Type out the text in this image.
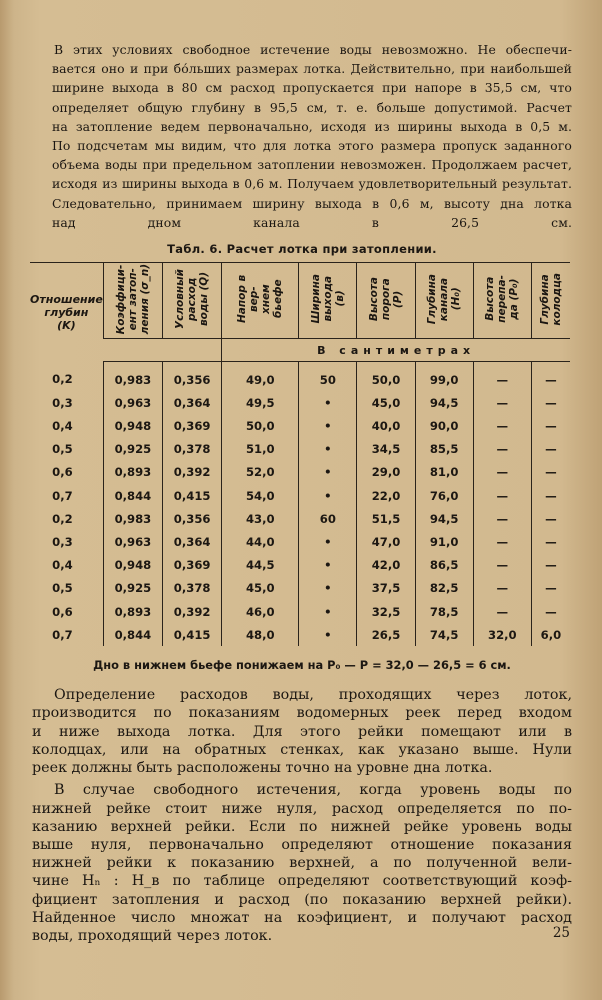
В этих условиях свободное истечение воды невозможно. Не обеспечи-
вается оно и при бо́льших размерах лотка. Действительно, при наибольшей
ширине выхода в 80 см расход пропускается при напоре в 35,5 см, что
определяет общую глубину в 95,5 см, т. е. больше допустимой. Расчет
на затопление ведем первоначально, исходя из ширины выхода в 0,5 м.
По подсчетам мы видим, что для лотка этого размера пропуск заданного
объема воды при предельном затоплении невозможен. Продолжаем расчет,
исходя из ширины выхода в 0,6 м. Получаем удовлетворительный результат.
Следовательно, принимаем ширину выхода в 0,6 м, высоту дна лотка
над дном канала в 26,5 см.
Табл. 6. Расчет лотка при затоплении.
Отношение
глубин
(K)	Коэффици-
ент затоп-
ления (σ_n)	Условный
расход
воды (Q)	Напор в вер-
хнем
бьефе	Ширина
выхода
(в)	Высота
порога
(P)	Глубина
канала
(H₀)	Высота
перепа-
да (P₀)	Глубина
колодца
			В сантиметрах					
0,2	0,983	0,356	49,0	50	50,0	99,0	—	—
0,3	0,963	0,364	49,5	•	45,0	94,5	—	—
0,4	0,948	0,369	50,0	•	40,0	90,0	—	—
0,5	0,925	0,378	51,0	•	34,5	85,5	—	—
0,6	0,893	0,392	52,0	•	29,0	81,0	—	—
0,7	0,844	0,415	54,0	•	22,0	76,0	—	—
0,2	0,983	0,356	43,0	60	51,5	94,5	—	—
0,3	0,963	0,364	44,0	•	47,0	91,0	—	—
0,4	0,948	0,369	44,5	•	42,0	86,5	—	—
0,5	0,925	0,378	45,0	•	37,5	82,5	—	—
0,6	0,893	0,392	46,0	•	32,5	78,5	—	—
0,7	0,844	0,415	48,0	•	26,5	74,5	32,0	6,0
Дно в нижнем бьефе понижаем на P₀ — P = 32,0 — 26,5 = 6 см.
Определение расходов воды, проходящих через лоток,
производится по показаниям водомерных реек перед входом
и ниже выхода лотка. Для этого рейки помещают или в
колодцах, или на обратных стенках, как указано выше. Нули
реек должны быть расположены точно на уровне дна лотка.
В случае свободного истечения, когда уровень воды по
нижней рейке стоит ниже нуля, расход определяется по по-
казанию верхней рейки. Если по нижней рейке уровень воды
выше нуля, первоначально определяют отношение показания
нижней рейки к показанию верхней, а по полученной вели-
чине Hₙ : H_в по таблице определяют соответствующий коэф-
фициент затопления и расход (по показанию верхней рейки).
Найденное число множат на коэфициент, и получают расход
воды, проходящий через лоток.	25
